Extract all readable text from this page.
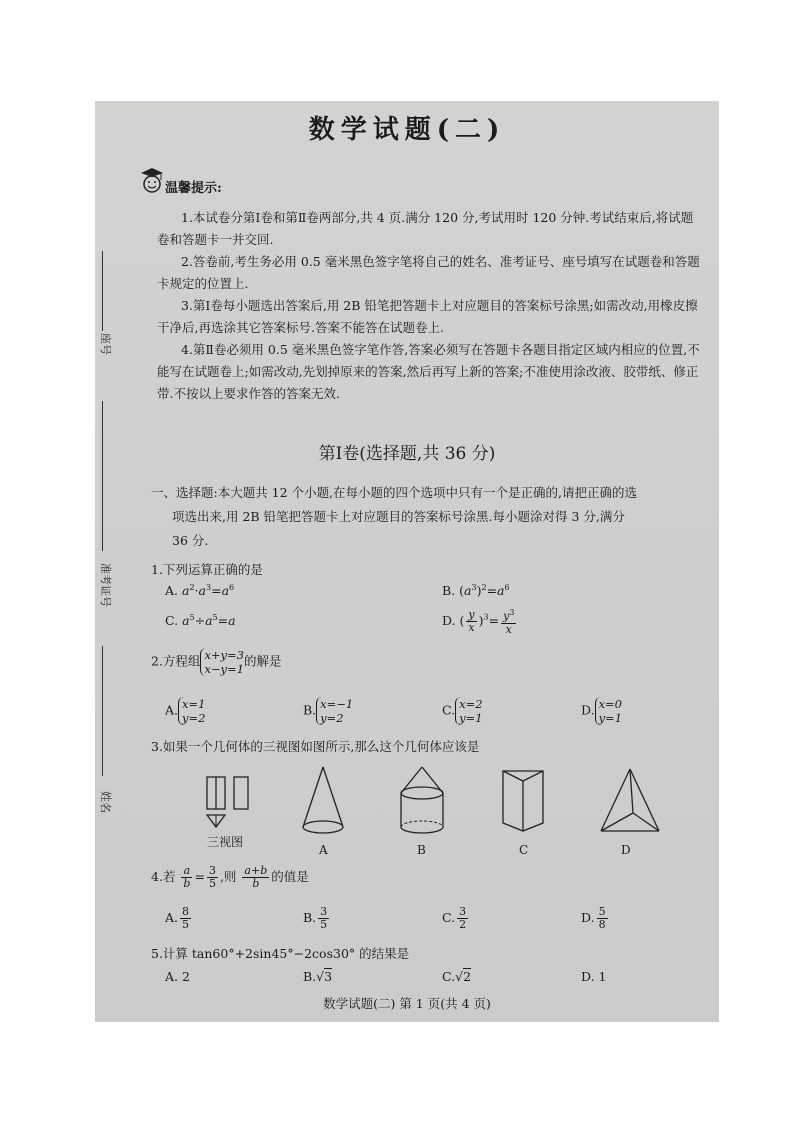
数学试题(二)
温馨提示:
1.本试卷分第Ⅰ卷和第Ⅱ卷两部分,共 4 页.满分 120 分,考试用时 120 分钟.考试结束后,将试题卷和答题卡一并交回.
2.答卷前,考生务必用 0.5 毫米黑色签字笔将自己的姓名、准考证号、座号填写在试题卷和答题卡规定的位置上.
3.第Ⅰ卷每小题选出答案后,用 2B 铅笔把答题卡上对应题目的答案标号涂黑;如需改动,用橡皮擦干净后,再选涂其它答案标号.答案不能答在试题卷上.
4.第Ⅱ卷必须用 0.5 毫米黑色签字笔作答,答案必须写在答题卡各题目指定区域内相应的位置,不能写在试题卷上;如需改动,先划掉原来的答案,然后再写上新的答案;不准使用涂改液、胶带纸、修正带.不按以上要求作答的答案无效.
第Ⅰ卷(选择题,共 36 分)
一、选择题:本大题共 12 个小题,在每小题的四个选项中只有一个是正确的,请把正确的选
项选出来,用 2B 铅笔把答题卡上对应题目的答案标号涂黑.每小题涂对得 3 分,满分
36 分.
1.下列运算正确的是
A. $a^2\cdot a^3=a^6$	B. $(a^3)^2=a^6$
C. $a^5\div a^5=a$	D. ( $\frac{y}{x} )^3= \frac{y^3}{x}$
2.方程组 x+y=3
x−y=1
的解是
A. x=1
y=2
B. x=−1
y=2
C. x=2
y=1
D. x=0
y=1
3.如果一个几何体的三视图如图所示,那么这个几何体应该是
三视图
A	B	C	D
4.若 $\frac{a}{b} = \frac{3}{5}$ ,则 $\frac{a+b}{b}$ 的值是
A. $\frac{8}{5}$	B. $\frac{3}{5}$	C. $\frac{3}{2}$	D. $\frac{5}{8}$
5.计算 tan60°+2sin45°−2cos30° 的结果是
A. 2	B.√3	C.√2	D. 1
数学试题(二) 第 1 页(共 4 页)
座号
准考证号
姓名
